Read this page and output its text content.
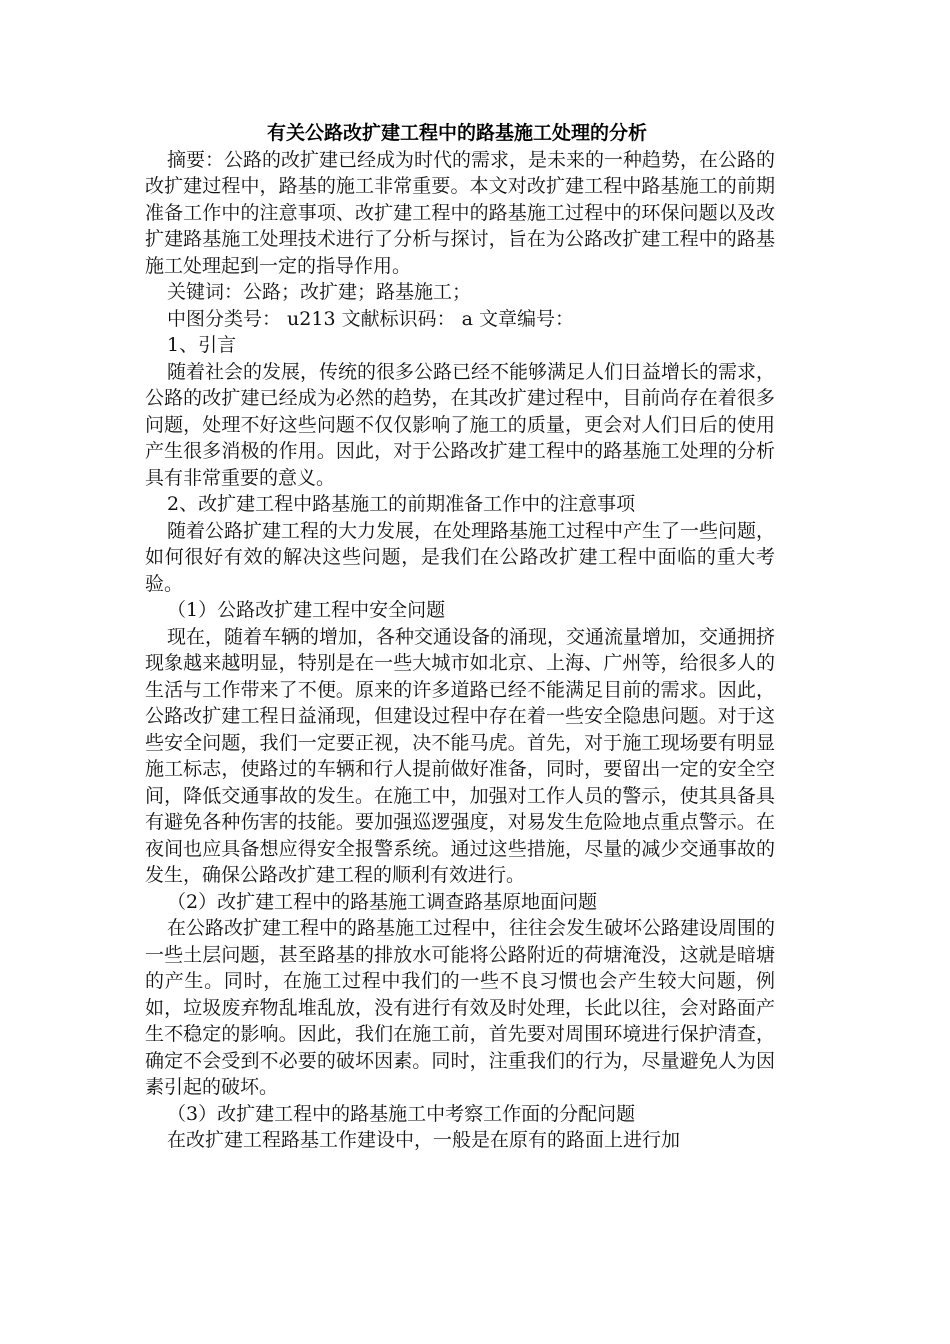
有关公路改扩建工程中的路基施工处理的分析

摘要：公路的改扩建已经成为时代的需求，是未来的一种趋势，在公路的改扩建过程中，路基的施工非常重要。本文对改扩建工程中路基施工的前期准备工作中的注意事项、改扩建工程中的路基施工过程中的环保问题以及改扩建路基施工处理技术进行了分析与探讨，旨在为公路改扩建工程中的路基施工处理起到一定的指导作用。

关键词：公路；改扩建；路基施工；

中图分类号： u213 文献标识码： a 文章编号：

1、引言

随着社会的发展，传统的很多公路已经不能够满足人们日益增长的需求，公路的改扩建已经成为必然的趋势，在其改扩建过程中，目前尚存在着很多问题，处理不好这些问题不仅仅影响了施工的质量，更会对人们日后的使用产生很多消极的作用。因此，对于公路改扩建工程中的路基施工处理的分析具有非常重要的意义。

2、改扩建工程中路基施工的前期准备工作中的注意事项

随着公路扩建工程的大力发展，在处理路基施工过程中产生了一些问题，如何很好有效的解决这些问题，是我们在公路改扩建工程中面临的重大考验。

（1）公路改扩建工程中安全问题

现在，随着车辆的增加，各种交通设备的涌现，交通流量增加，交通拥挤现象越来越明显，特别是在一些大城市如北京、上海、广州等，给很多人的生活与工作带来了不便。原来的许多道路已经不能满足目前的需求。因此，公路改扩建工程日益涌现，但建设过程中存在着一些安全隐患问题。对于这些安全问题，我们一定要正视，决不能马虎。首先，对于施工现场要有明显施工标志，使路过的车辆和行人提前做好准备，同时，要留出一定的安全空间，降低交通事故的发生。在施工中，加强对工作人员的警示，使其具备具有避免各种伤害的技能。要加强巡逻强度，对易发生危险地点重点警示。在夜间也应具备想应得安全报警系统。通过这些措施，尽量的减少交通事故的发生，确保公路改扩建工程的顺利有效进行。

（2）改扩建工程中的路基施工调查路基原地面问题

在公路改扩建工程中的路基施工过程中，往往会发生破坏公路建设周围的一些土层问题，甚至路基的排放水可能将公路附近的荷塘淹没，这就是暗塘的产生。同时，在施工过程中我们的一些不良习惯也会产生较大问题，例如，垃圾废弃物乱堆乱放，没有进行有效及时处理，长此以往，会对路面产生不稳定的影响。因此，我们在施工前，首先要对周围环境进行保护清查，确定不会受到不必要的破坏因素。同时，注重我们的行为，尽量避免人为因素引起的破坏。

（3）改扩建工程中的路基施工中考察工作面的分配问题

在改扩建工程路基工作建设中，一般是在原有的路面上进行加
